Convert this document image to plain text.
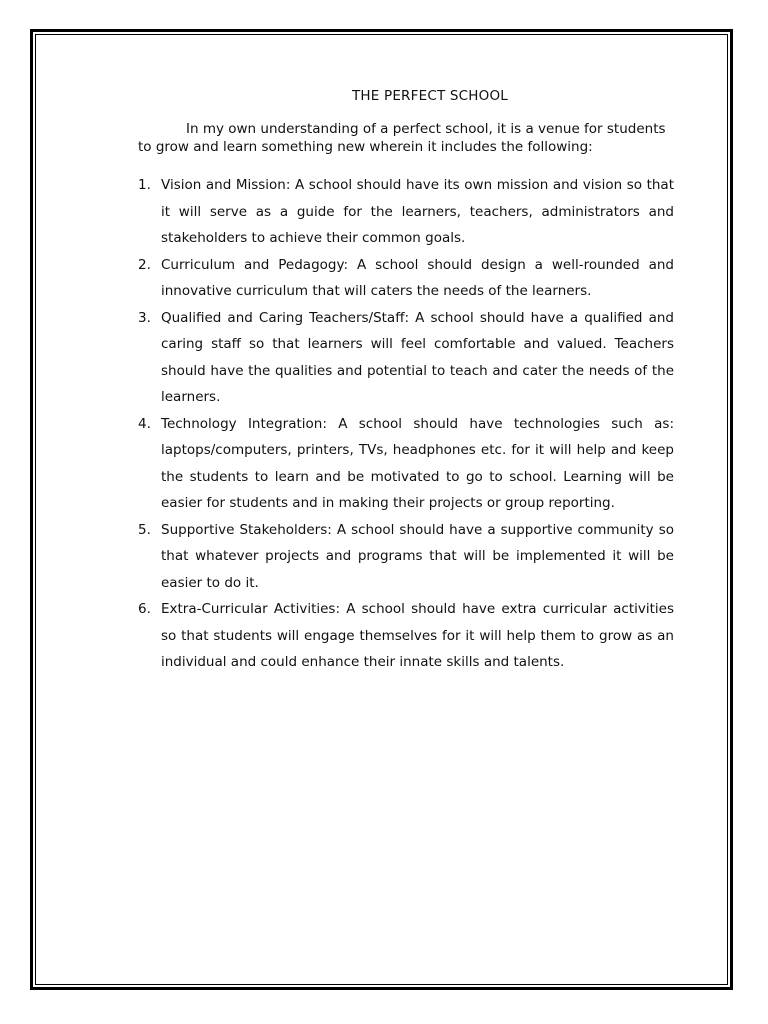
THE PERFECT SCHOOL

In my own understanding of a perfect school, it is a venue for students to grow and learn something new wherein it includes the following:

1. Vision and Mission: A school should have its own mission and vision so that it will serve as a guide for the learners, teachers, administrators and stakeholders to achieve their common goals.
2. Curriculum and Pedagogy: A school should design a well-rounded and innovative curriculum that will caters the needs of the learners.
3. Qualified and Caring Teachers/Staff: A school should have a qualified and caring staff so that learners will feel comfortable and valued. Teachers should have the qualities and potential to teach and cater the needs of the learners.
4. Technology Integration: A school should have technologies such as: laptops/computers, printers, TVs, headphones etc. for it will help and keep the students to learn and be motivated to go to school. Learning will be easier for students and in making their projects or group reporting.
5. Supportive Stakeholders: A school should have a supportive community so that whatever projects and programs that will be implemented it will be easier to do it.
6. Extra-Curricular Activities: A school should have extra curricular activities so that students will engage themselves for it will help them to grow as an individual and could enhance their innate skills and talents.
